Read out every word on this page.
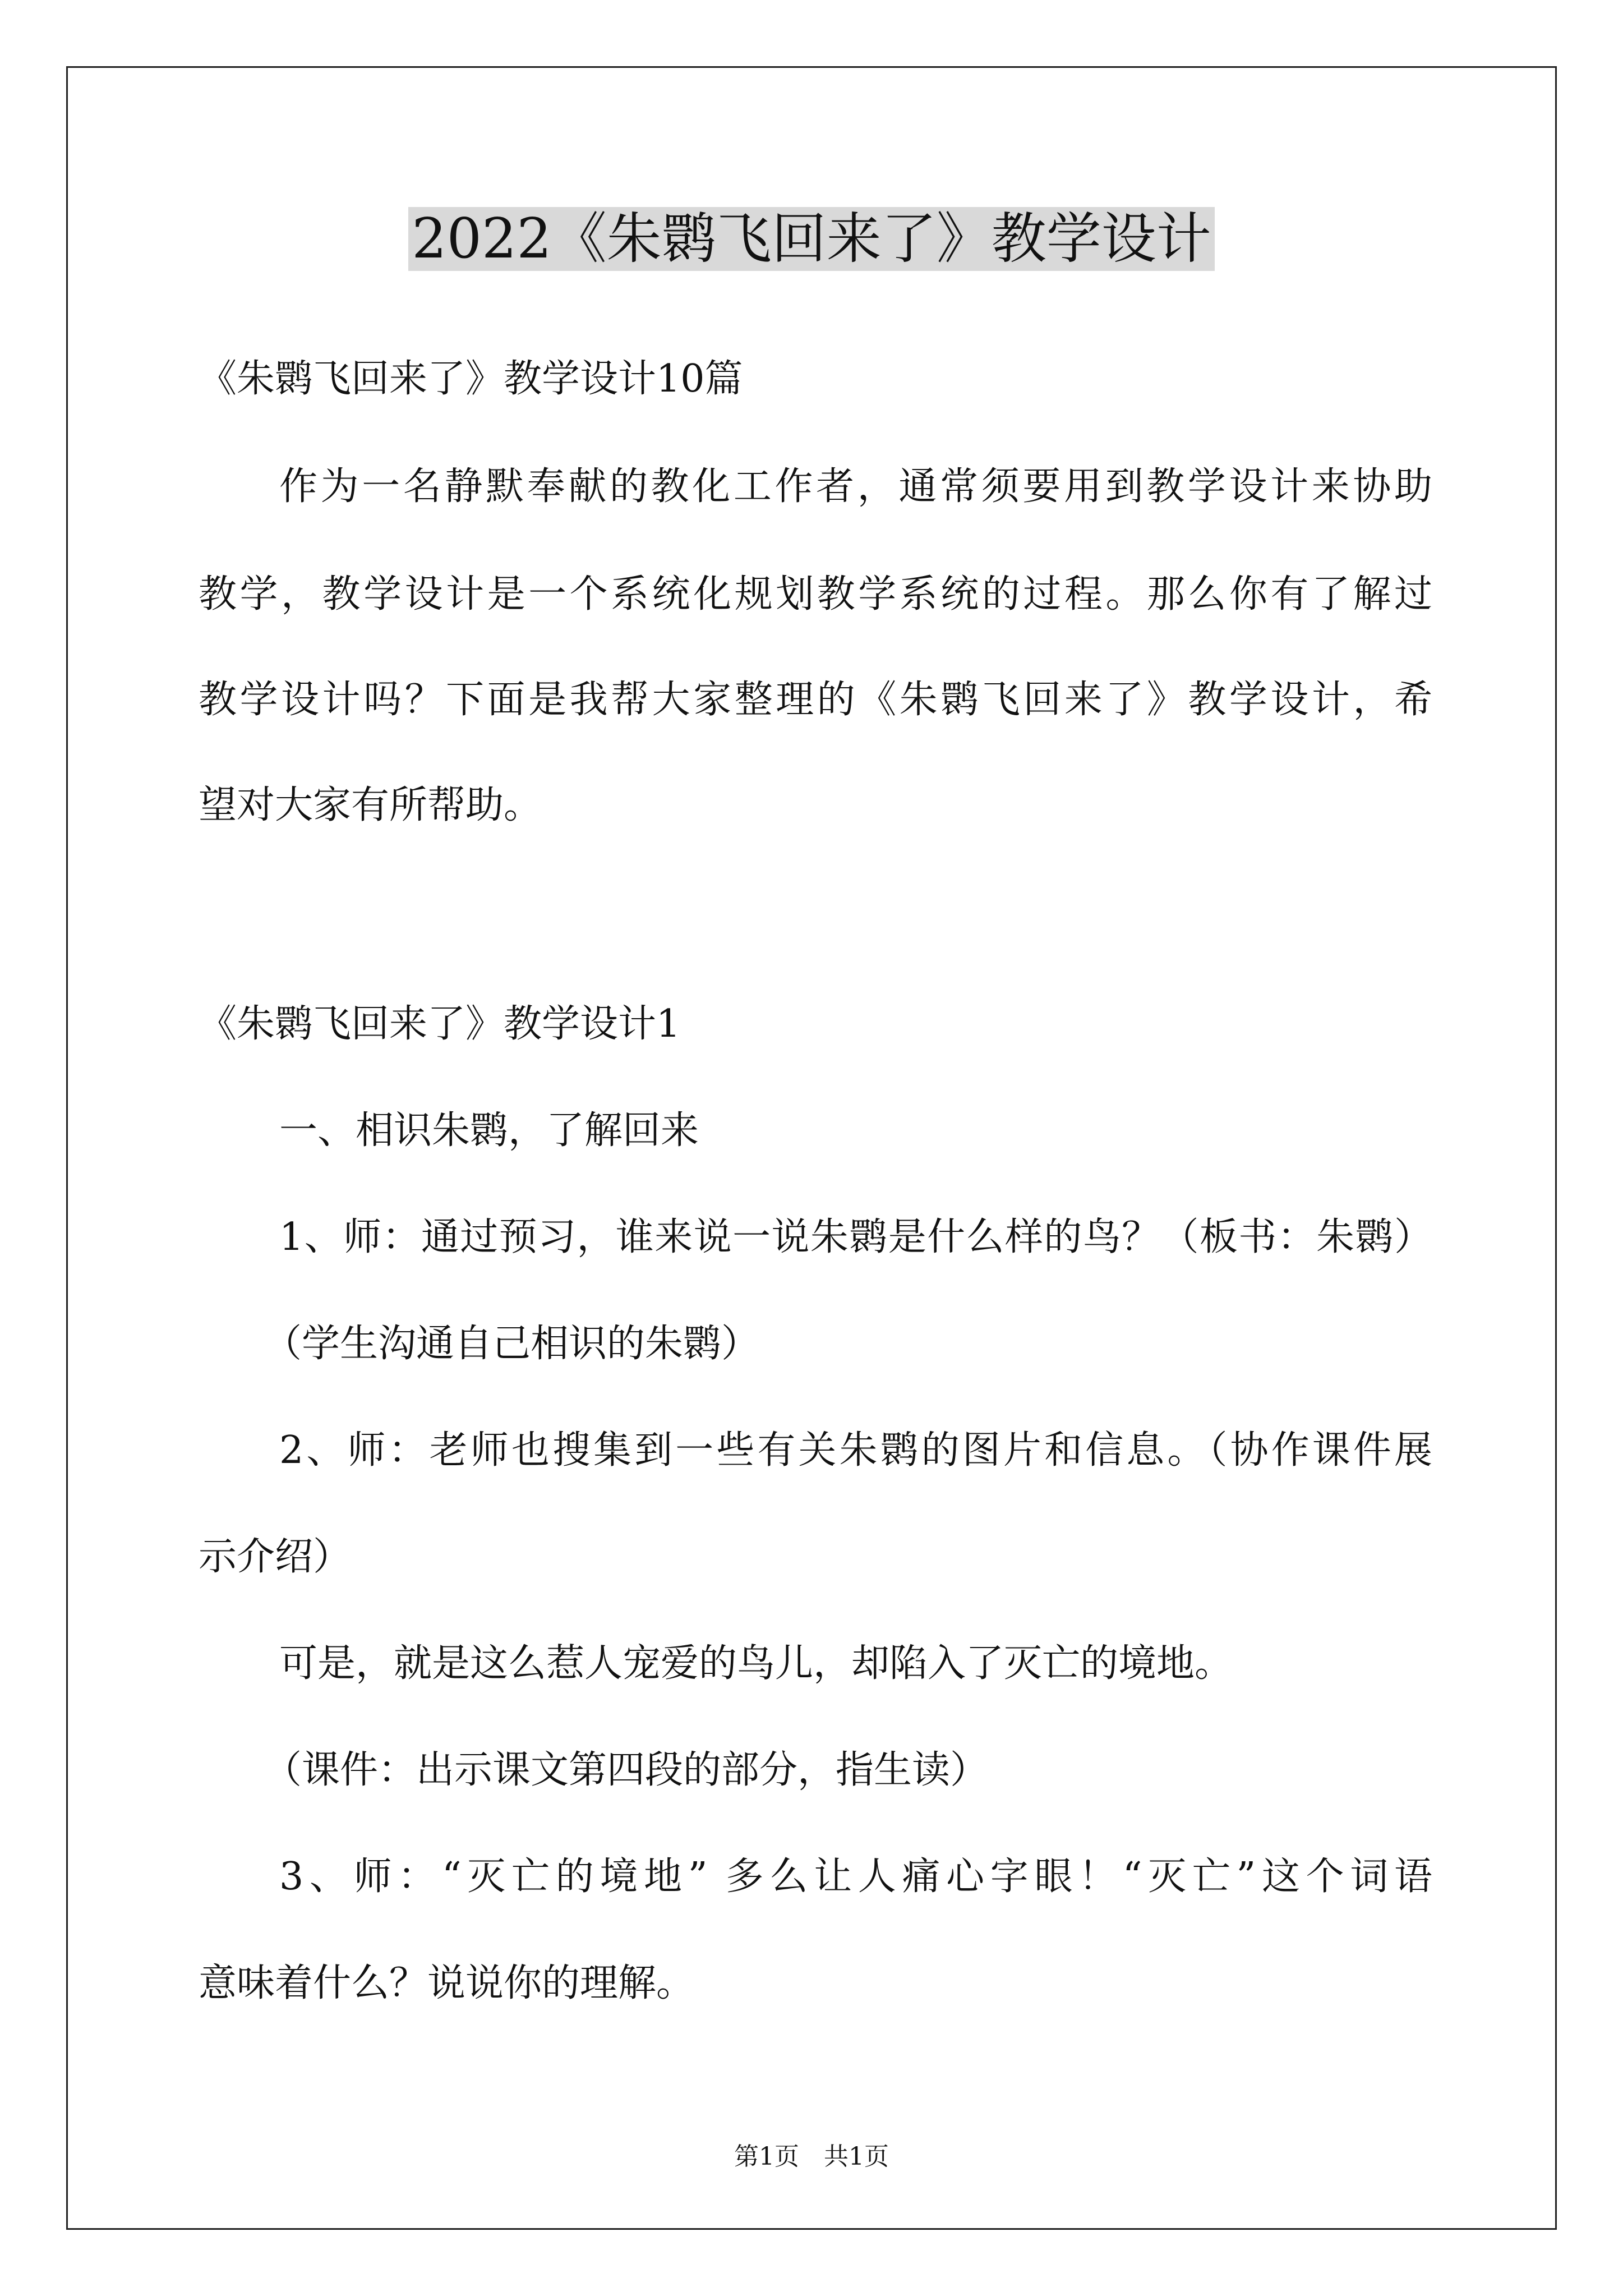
2022《朱鹮飞回来了》教学设计
《朱鹮飞回来了》教学设计10篇
作为一名静默奉献的教化工作者，通常须要用到教学设计来协助
教学，教学设计是一个系统化规划教学系统的过程。那么你有了解过
教学设计吗？下面是我帮大家整理的《朱鹮飞回来了》教学设计，希
望对大家有所帮助。
《朱鹮飞回来了》教学设计1
一、相识朱鹮，了解回来
1、师：通过预习，谁来说一说朱鹮是什么样的鸟？（板书：朱鹮）
（学生沟通自己相识的朱鹮）
2、师：老师也搜集到一些有关朱鹮的图片和信息。（协作课件展
示介绍）
可是，就是这么惹人宠爱的鸟儿，却陷入了灭亡的境地。
（课件：出示课文第四段的部分，指生读）
3、师：“灭亡的境地” 多么让人痛心字眼！“灭亡”这个词语
意味着什么？说说你的理解。
第1页　共1页
